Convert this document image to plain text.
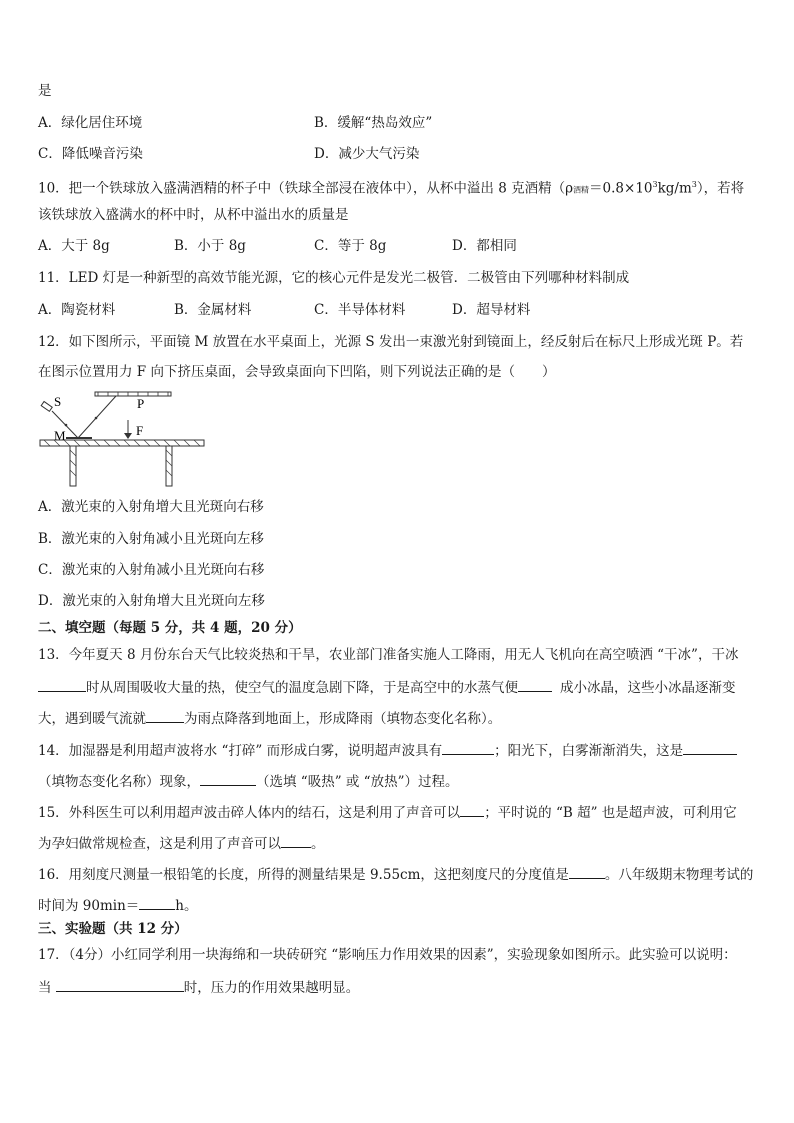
是
A．绿化居住环境	B．缓解“热岛效应”
C．降低噪音污染	D．减少大气污染
10．把一个铁球放入盛满酒精的杯子中（铁球全部浸在液体中），从杯中溢出 8 克酒精（ρ酒精$=0.8\times 10^3kg/m^3$），若将
该铁球放入盛满水的杯中时，从杯中溢出水的质量是
A．大于 8g	B．小于 8g	C．等于 8g	D．都相同
11．LED 灯是一种新型的高效节能光源，它的核心元件是发光二极管．二极管由下列哪种材料制成
A．陶瓷材料	B．金属材料	C．半导体材料	D．超导材料
12．如下图所示，平面镜 M 放置在水平桌面上，光源 S 发出一束激光射到镜面上，经反射后在标尺上形成光斑 P。若
在图示位置用力 F 向下挤压桌面，会导致桌面向下凹陷，则下列说法正确的是（　　）
S	P
M	F
A．激光束的入射角增大且光斑向右移
B．激光束的入射角减小且光斑向左移
C．激光束的入射角减小且光斑向右移
D．激光束的入射角增大且光斑向左移
二、填空题（每题 5 分，共 4 题，20 分）
13．今年夏天 8 月份东台天气比较炎热和干旱，农业部门准备实施人工降雨，用无人飞机向在高空喷洒 “干冰”，干冰
时从周围吸收大量的热，使空气的温度急剧下降，于是高空中的水蒸气便	成小冰晶，这些小冰晶逐渐变
大，遇到暖气流就	为雨点降落到地面上，形成降雨（填物态变化名称）。
14．加湿器是利用超声波将水 “打碎” 而形成白雾，说明超声波具有	；阳光下，白雾渐渐消失，这是
（填物态变化名称）现象，	（选填 “吸热” 或 “放热”）过程。
15．外科医生可以利用超声波击碎人体内的结石，这是利用了声音可以 ；平时说的 “B 超” 也是超声波，可利用它
为孕妇做常规检查，这是利用了声音可以 。
16．用刻度尺测量一根铅笔的长度，所得的测量结果是 9.55cm，这把刻度尺的分度值是	。八年级期末物理考试的
时间为 90min＝	h。
三、实验题（共 12 分）
17．（4分）小红同学利用一块海绵和一块砖研究 “影响压力作用效果的因素”，实验现象如图所示。此实验可以说明：
当	时，压力的作用效果越明显。
